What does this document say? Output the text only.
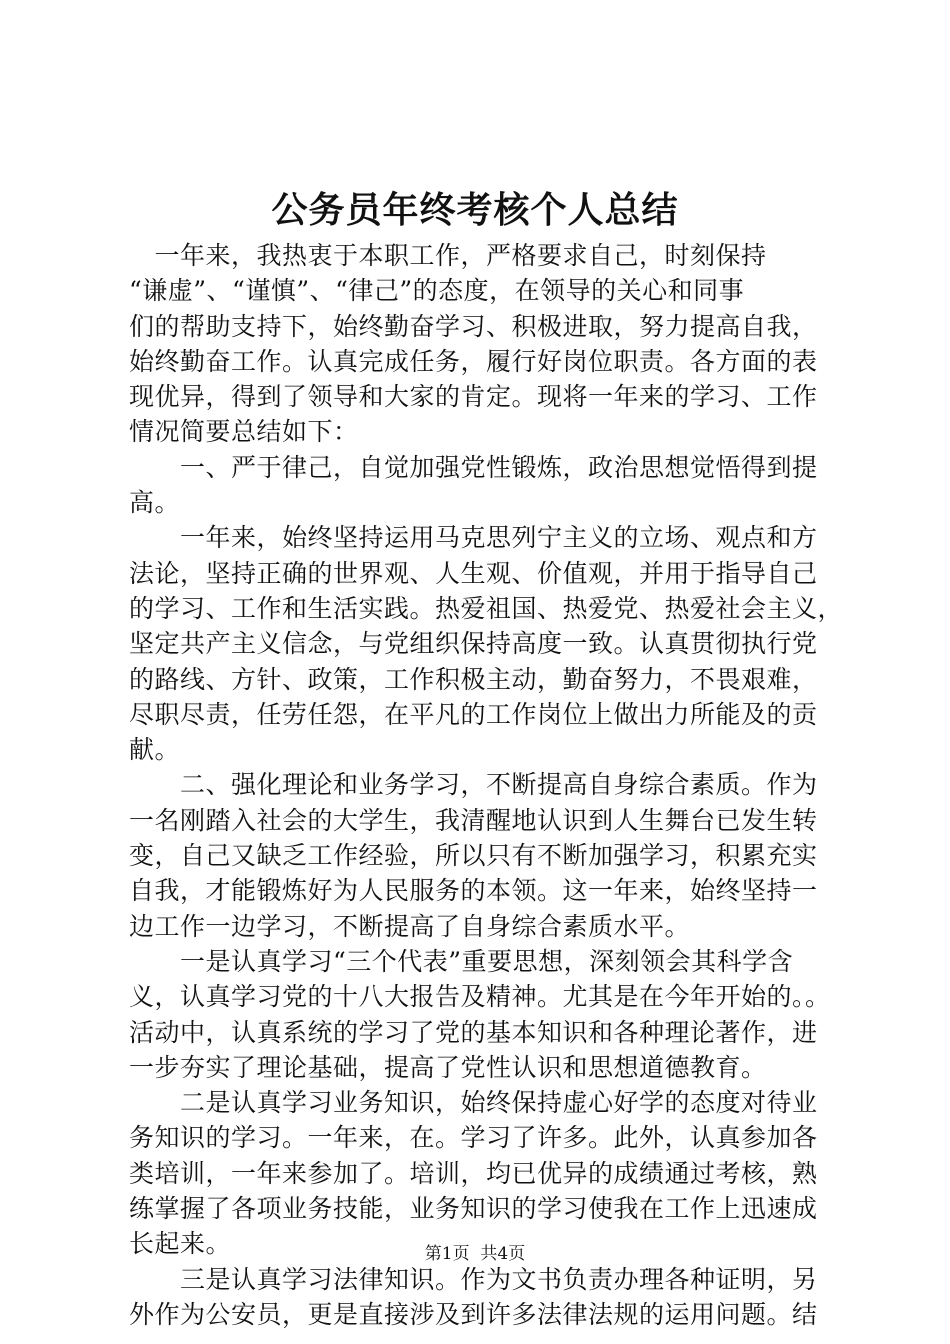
公务员年终考核个人总结
　一年来，我热衷于本职工作，严格要求自己，时刻保持
“谦虚”、“谨慎”、“律己”的态度，在领导的关心和同事
们的帮助支持下，始终勤奋学习、积极进取，努力提高自我，
始终勤奋工作。认真完成任务，履行好岗位职责。各方面的表
现优异，得到了领导和大家的肯定。现将一年来的学习、工作
情况简要总结如下：
　　一、严于律己，自觉加强党性锻炼，政治思想觉悟得到提
高。
　　一年来，始终坚持运用马克思列宁主义的立场、观点和方
法论，坚持正确的世界观、人生观、价值观，并用于指导自己
的学习、工作和生活实践。热爱祖国、热爱党、热爱社会主义，
坚定共产主义信念，与党组织保持高度一致。认真贯彻执行党
的路线、方针、政策，工作积极主动，勤奋努力，不畏艰难，
尽职尽责，任劳任怨，在平凡的工作岗位上做出力所能及的贡
献。
　　二、强化理论和业务学习，不断提高自身综合素质。作为
一名刚踏入社会的大学生，我清醒地认识到人生舞台已发生转
变，自己又缺乏工作经验，所以只有不断加强学习，积累充实
自我，才能锻炼好为人民服务的本领。这一年来，始终坚持一
边工作一边学习，不断提高了自身综合素质水平。
　　一是认真学习“三个代表”重要思想，深刻领会其科学含
义，认真学习党的十八大报告及精神。尤其是在今年开始的。。
活动中，认真系统的学习了党的基本知识和各种理论著作，进
一步夯实了理论基础，提高了党性认识和思想道德教育。
　　二是认真学习业务知识，始终保持虚心好学的态度对待业
务知识的学习。一年来，在。学习了许多。此外，认真参加各
类培训，一年来参加了。培训，均已优异的成绩通过考核，熟
练掌握了各项业务技能，业务知识的学习使我在工作上迅速成
长起来。
　　三是认真学习法律知识。作为文书负责办理各种证明，另
外作为公安员，更是直接涉及到许多法律法规的运用问题。结
第1页 共4页
